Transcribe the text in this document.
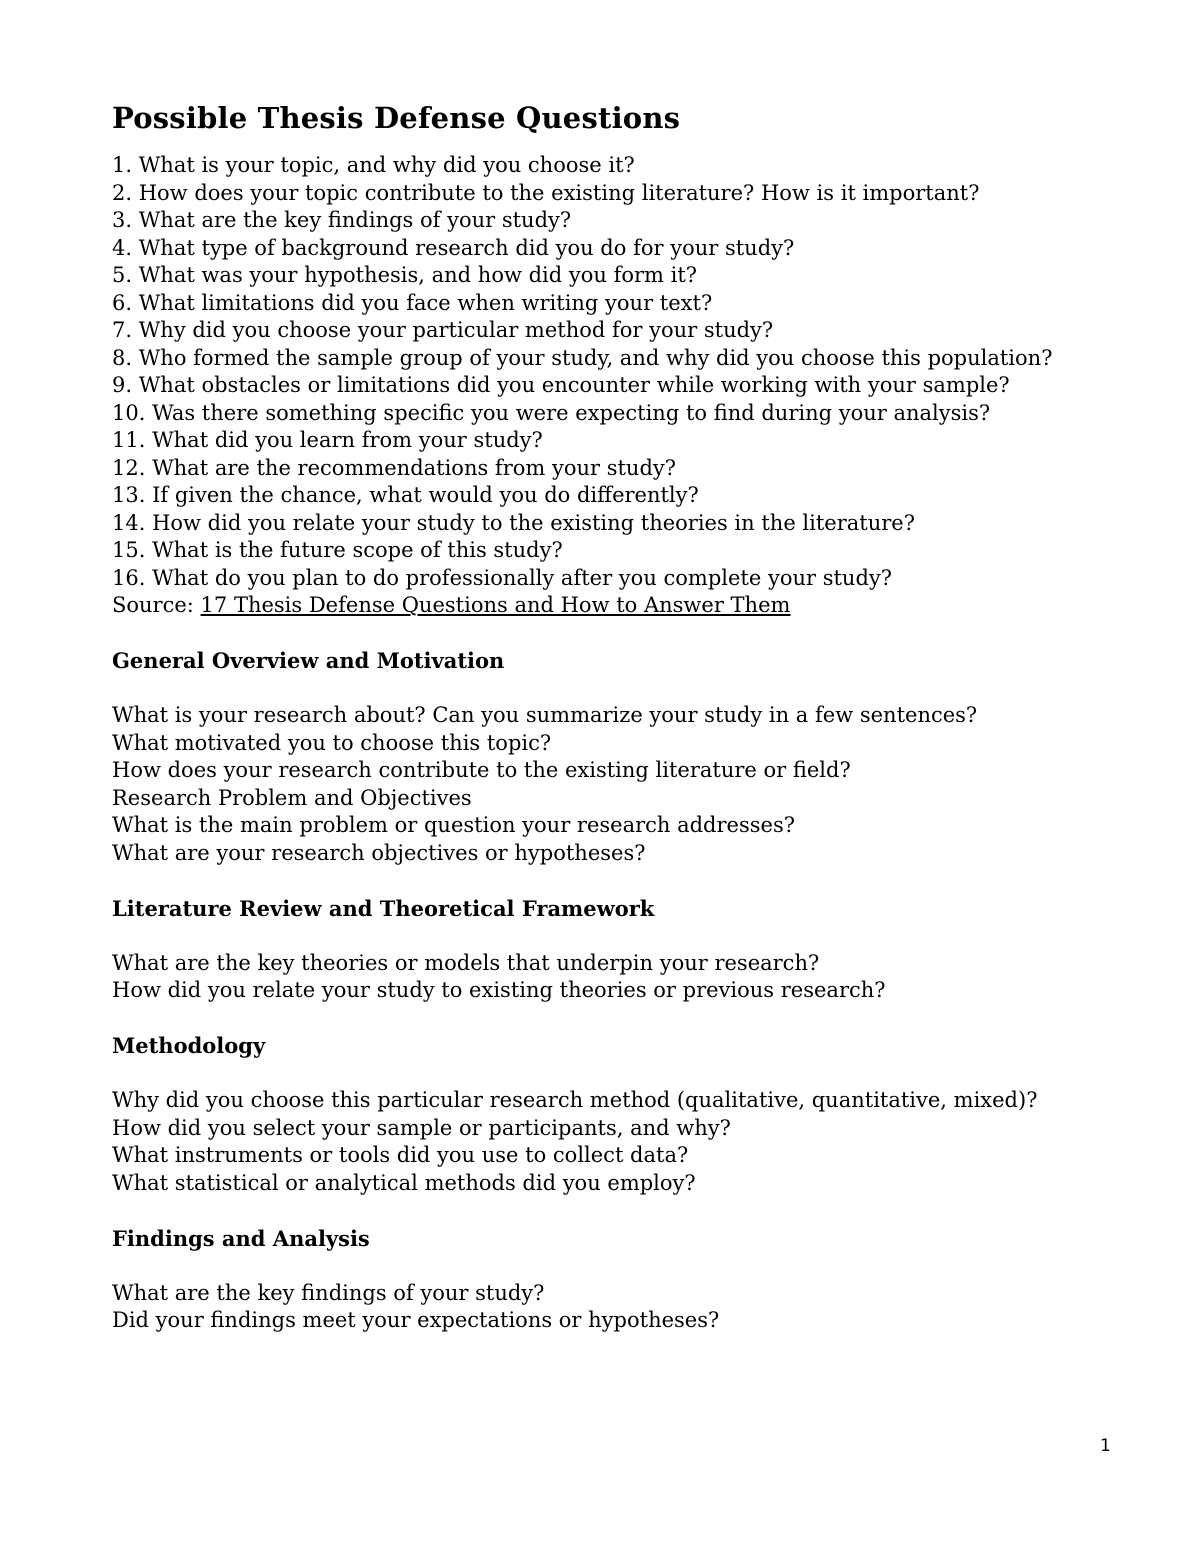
Possible Thesis Defense Questions

1. What is your topic, and why did you choose it?

2. How does your topic contribute to the existing literature? How is it important?

3. What are the key findings of your study?

4. What type of background research did you do for your study?

5. What was your hypothesis, and how did you form it?

6. What limitations did you face when writing your text?

7. Why did you choose your particular method for your study?

8. Who formed the sample group of your study, and why did you choose this population?

9. What obstacles or limitations did you encounter while working with your sample?

10. Was there something specific you were expecting to find during your analysis?

11. What did you learn from your study?

12. What are the recommendations from your study?

13. If given the chance, what would you do differently?

14. How did you relate your study to the existing theories in the literature?

15. What is the future scope of this study?

16. What do you plan to do professionally after you complete your study?

Source: 17 Thesis Defense Questions and How to Answer Them

General Overview and Motivation

What is your research about? Can you summarize your study in a few sentences?

What motivated you to choose this topic?

How does your research contribute to the existing literature or field?

Research Problem and Objectives

What is the main problem or question your research addresses?

What are your research objectives or hypotheses?

Literature Review and Theoretical Framework

What are the key theories or models that underpin your research?

How did you relate your study to existing theories or previous research?

Methodology

Why did you choose this particular research method (qualitative, quantitative, mixed)?

How did you select your sample or participants, and why?

What instruments or tools did you use to collect data?

What statistical or analytical methods did you employ?

Findings and Analysis

What are the key findings of your study?

Did your findings meet your expectations or hypotheses?

1
